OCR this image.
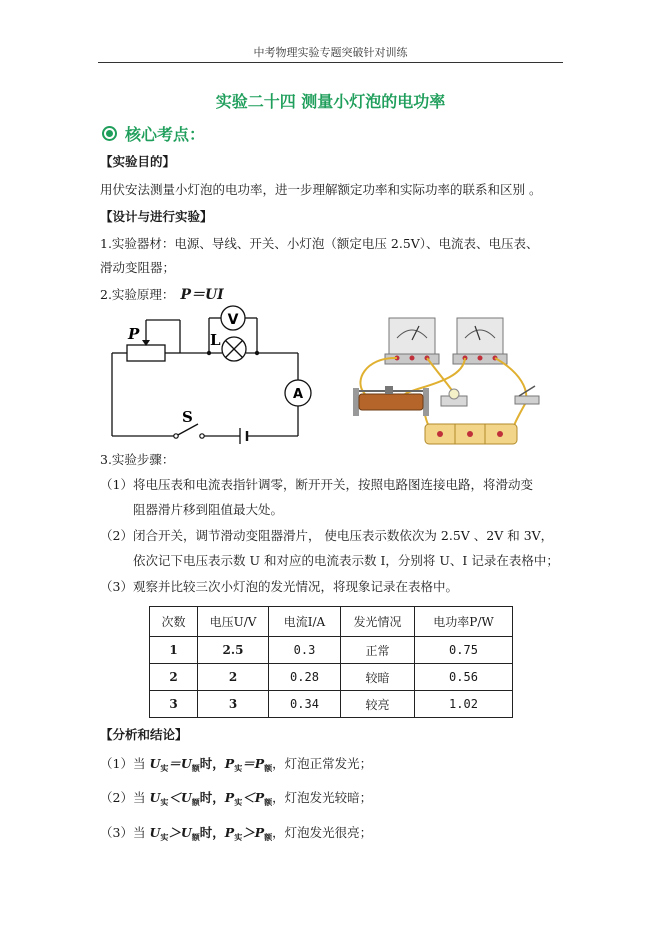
中考物理实验专题突破针对训练
实验二十四 测量小灯泡的电功率
核心考点：
【实验目的】
用伏安法测量小灯泡的电功率，进一步理解额定功率和实际功率的联系和区别 。
【设计与进行实验】
1.实验器材：电源、导线、开关、小灯泡（额定电压 2.5V）、电流表、电压表、
滑动变阻器；
2.实验原理： P＝UI
P	L
V
A
S
3.实验步骤：
（1）将电压表和电流表指针调零，断开开关，按照电路图连接电路，将滑动变
阻器滑片移到阻值最大处。
（2）闭合开关，调节滑动变阻器滑片， 使电压表示数依次为 2.5V 、2V 和 3V，
依次记下电压表示数 U 和对应的电流表示数 I，分别将 U、I 记录在表格中；
（3）观察并比较三次小灯泡的发光情况，将现象记录在表格中。
次数	电压U/V	电流I/A	发光情况	电功率P/W
1	2.5	0.3	正常	0.75
2	2	0.28	较暗	0.56
3	3	0.34	较亮	1.02
【分析和结论】
（1）当 $U_实=U_额$时，$P_实=P_额$，灯泡正常发光；
（2）当 $U_实<U_额$时，$P_实<P_额$，灯泡发光较暗；
（3）当 $U_实>U_额$时，$P_实>P_额$，灯泡发光很亮；
